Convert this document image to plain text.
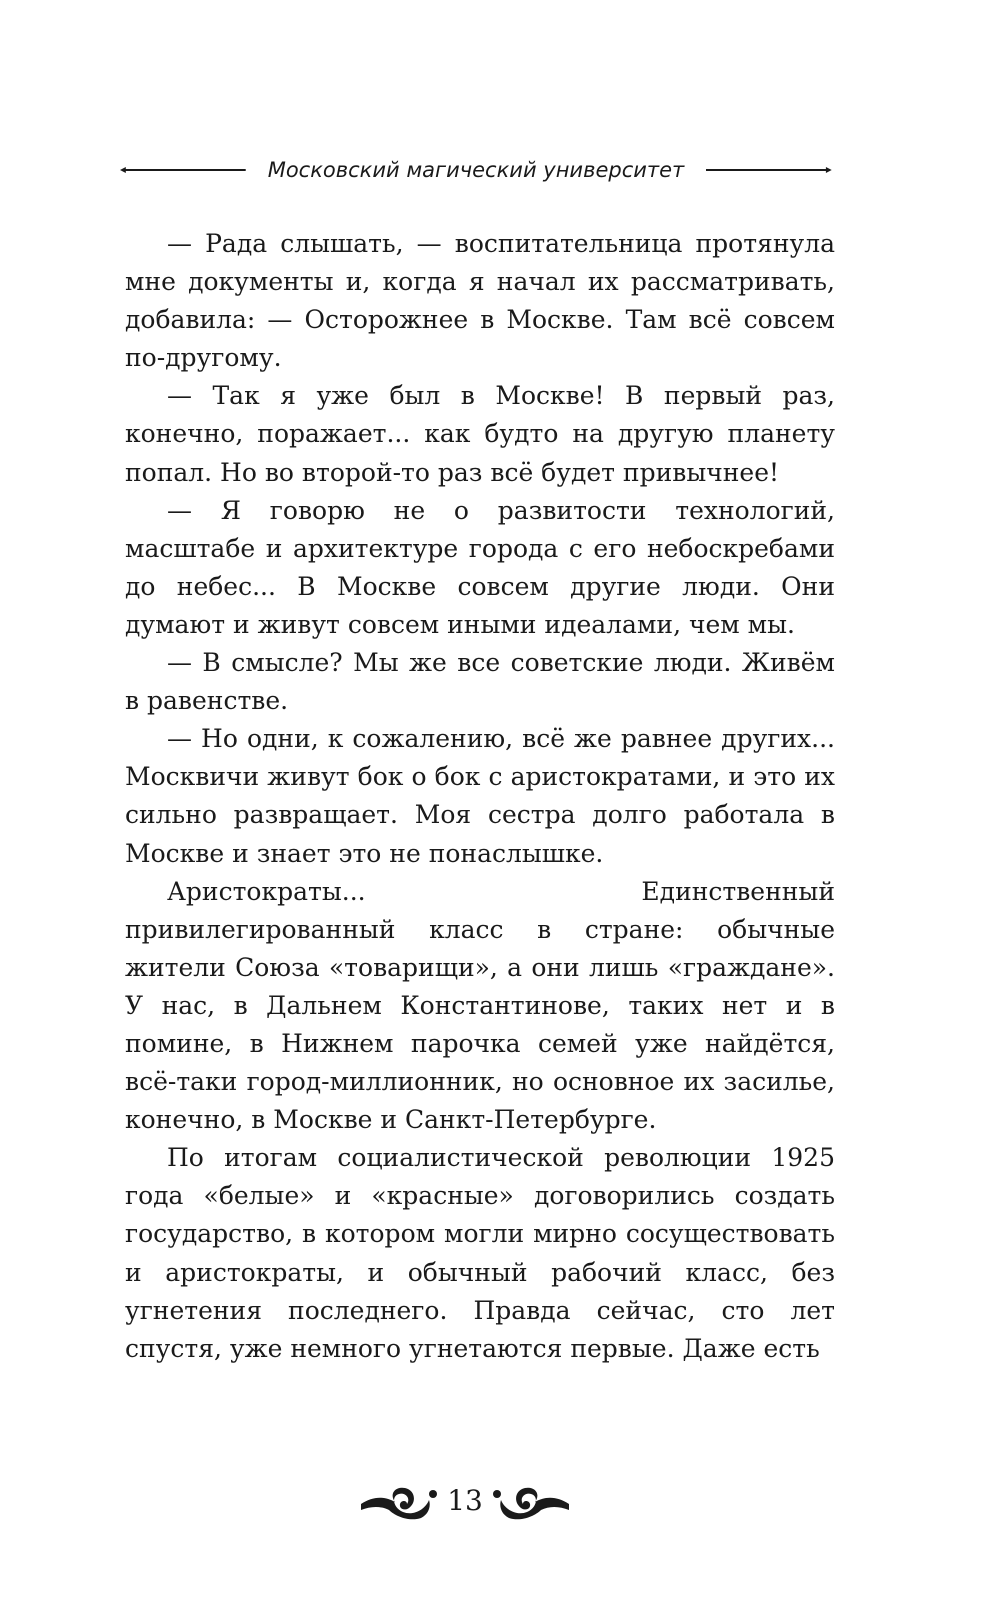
Московский магический университет

— Рада слышать, — воспитательница протянула мне документы и, когда я начал их рассматривать, добавила: — Осторожнее в Москве. Там всё совсем по-другому.

— Так я уже был в Москве! В первый раз, конечно, поражает... как будто на другую планету попал. Но во второй-то раз всё будет привычнее!

— Я говорю не о развитости технологий, масштабе и архитектуре города с его небоскребами до небес... В Москве совсем другие люди. Они думают и живут совсем иными идеалами, чем мы.

— В смысле? Мы же все советские люди. Живём в равенстве.

— Но одни, к сожалению, всё же равнее других... Москвичи живут бок о бок с аристократами, и это их сильно развращает. Моя сестра долго работала в Москве и знает это не понаслышке.

Аристократы... Единственный привилегированный класс в стране: обычные жители Союза «товарищи», а они лишь «граждане». У нас, в Дальнем Константинове, таких нет и в помине, в Нижнем парочка семей уже найдётся, всё-таки город-миллионник, но основное их засилье, конечно, в Москве и Санкт-Петербурге.

По итогам социалистической революции 1925 года «белые» и «красные» договорились создать государство, в котором могли мирно сосуществовать и аристократы, и обычный рабочий класс, без угнетения последнего. Правда сейчас, сто лет спустя, уже немного угнетаются первые. Даже есть

13
